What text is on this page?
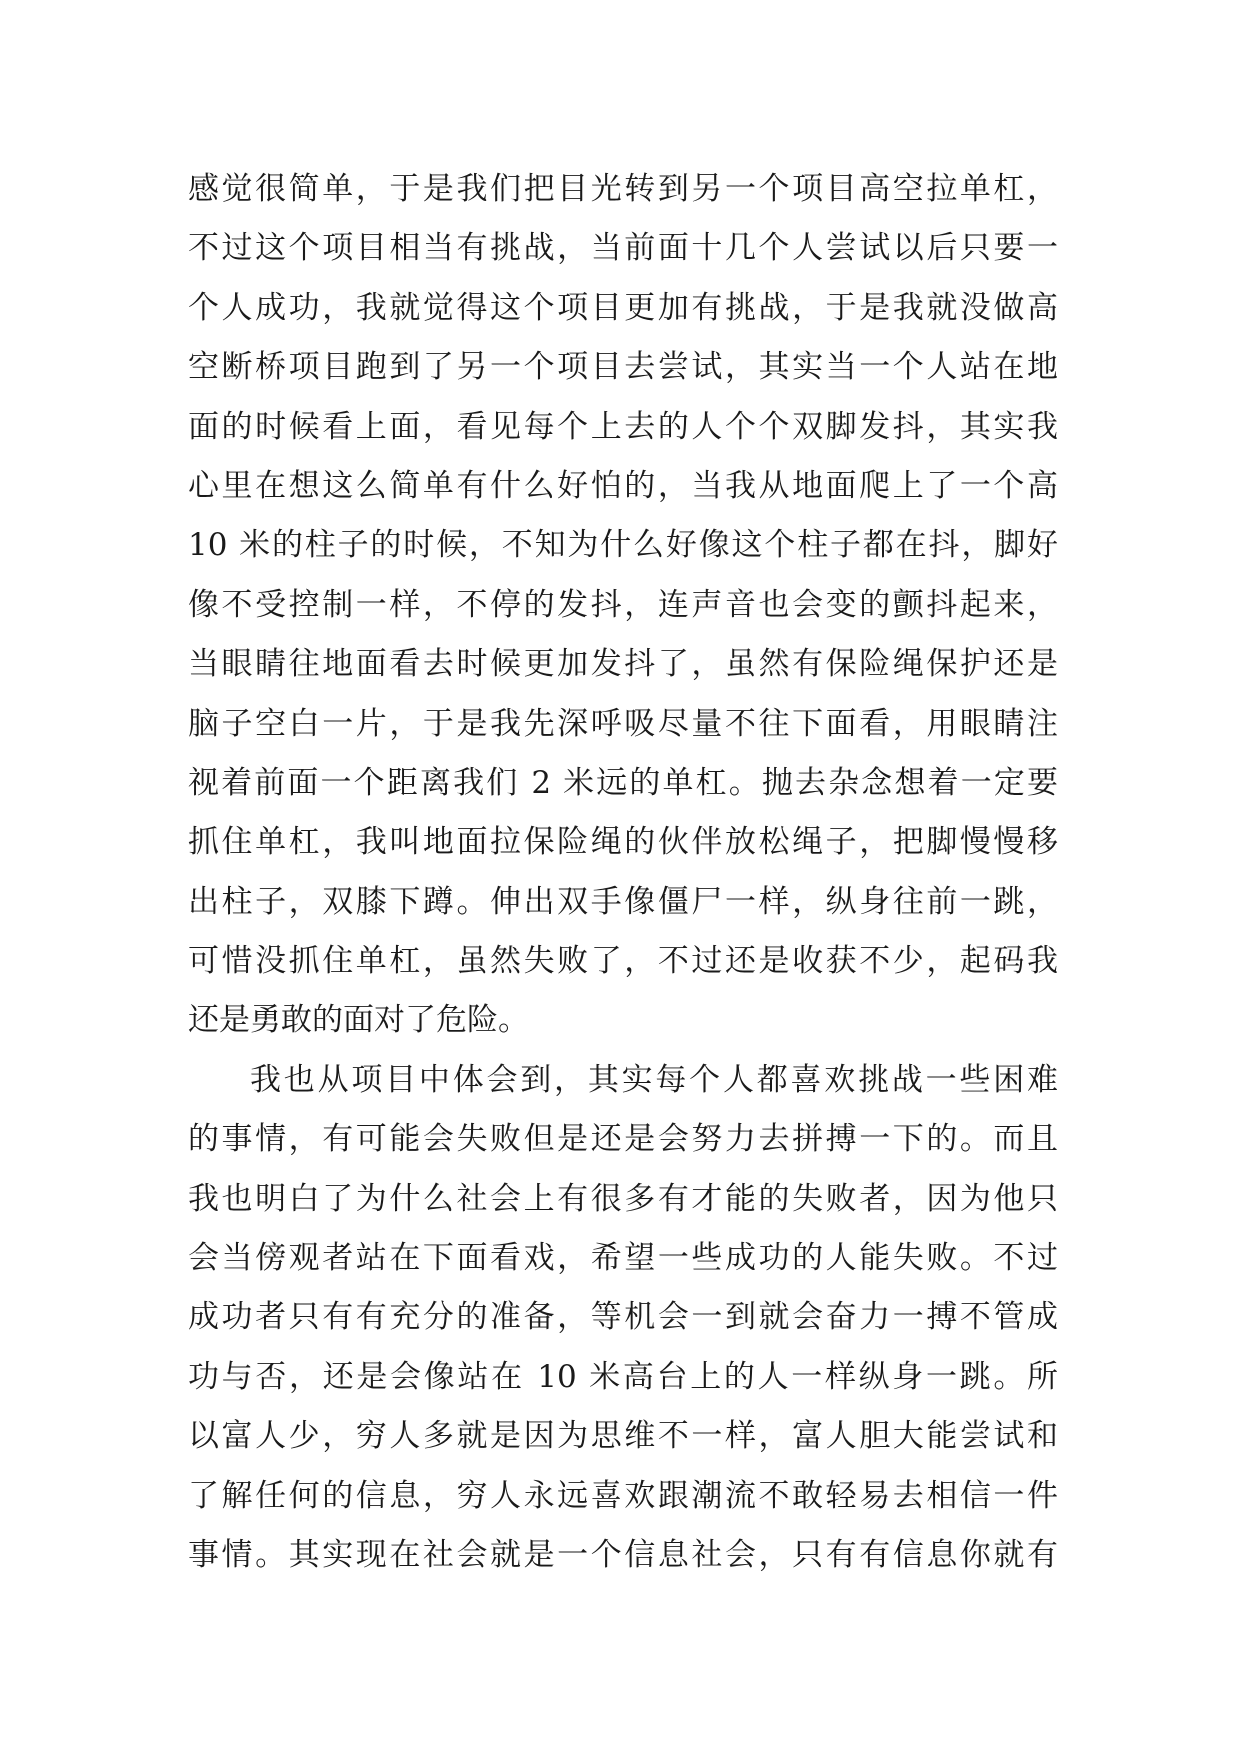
感觉很简单，于是我们把目光转到另一个项目高空拉单杠，
不过这个项目相当有挑战，当前面十几个人尝试以后只要一
个人成功，我就觉得这个项目更加有挑战，于是我就没做高
空断桥项目跑到了另一个项目去尝试，其实当一个人站在地
面的时候看上面，看见每个上去的人个个双脚发抖，其实我
心里在想这么简单有什么好怕的，当我从地面爬上了一个高
10 米的柱子的时候，不知为什么好像这个柱子都在抖，脚好
像不受控制一样，不停的发抖，连声音也会变的颤抖起来，
当眼睛往地面看去时候更加发抖了，虽然有保险绳保护还是
脑子空白一片，于是我先深呼吸尽量不往下面看，用眼睛注
视着前面一个距离我们 2 米远的单杠。抛去杂念想着一定要
抓住单杠，我叫地面拉保险绳的伙伴放松绳子，把脚慢慢移
出柱子，双膝下蹲。伸出双手像僵尸一样，纵身往前一跳，
可惜没抓住单杠，虽然失败了，不过还是收获不少，起码我
还是勇敢的面对了危险。
我也从项目中体会到，其实每个人都喜欢挑战一些困难
的事情，有可能会失败但是还是会努力去拼搏一下的。而且
我也明白了为什么社会上有很多有才能的失败者，因为他只
会当傍观者站在下面看戏，希望一些成功的人能失败。不过
成功者只有有充分的准备，等机会一到就会奋力一搏不管成
功与否，还是会像站在 10 米高台上的人一样纵身一跳。所
以富人少，穷人多就是因为思维不一样，富人胆大能尝试和
了解任何的信息，穷人永远喜欢跟潮流不敢轻易去相信一件
事情。其实现在社会就是一个信息社会，只有有信息你就有
